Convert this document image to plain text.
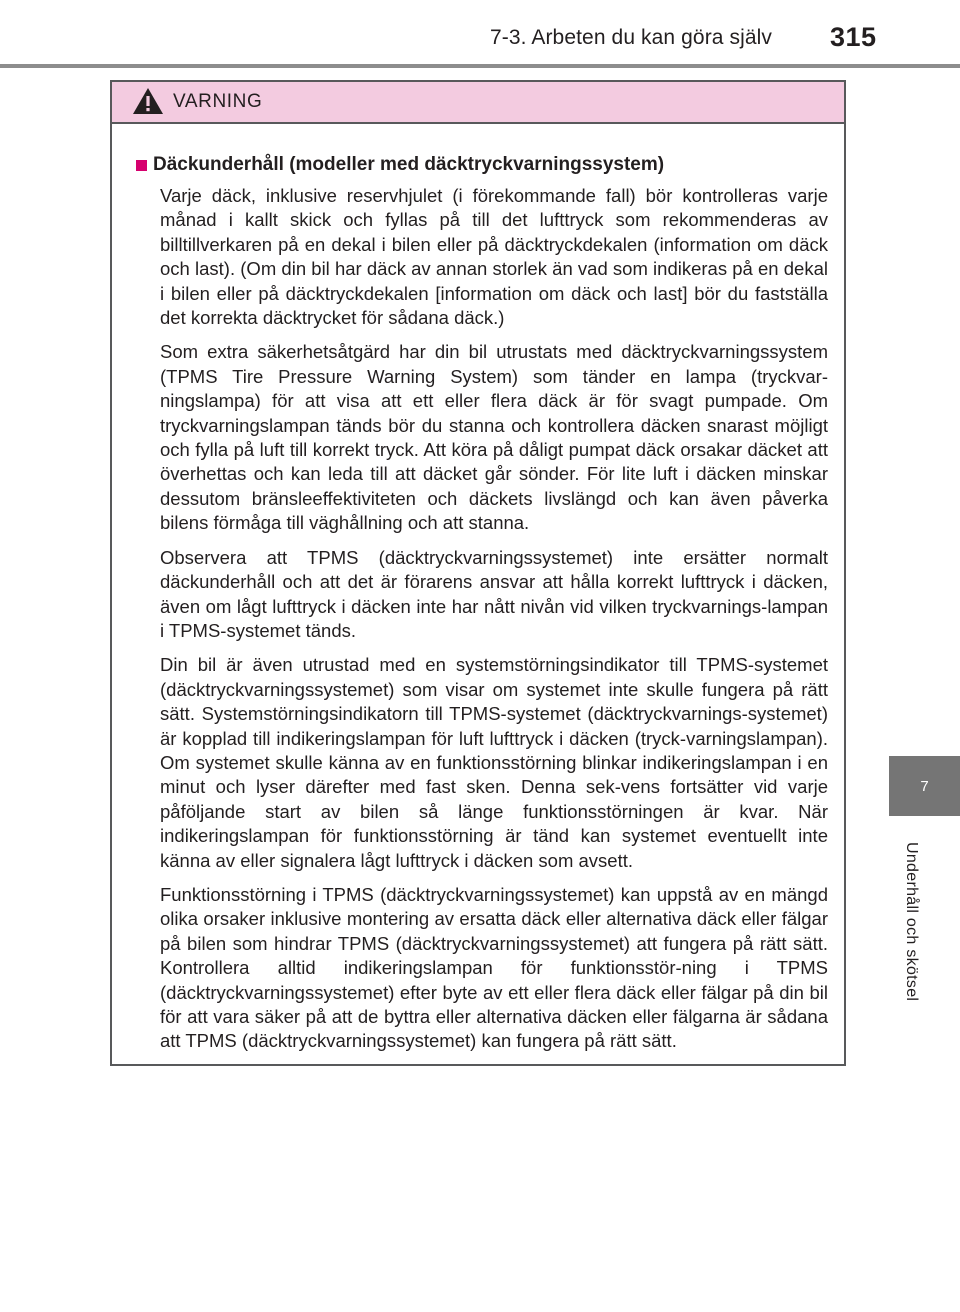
7-3. Arbeten du kan göra själv 315
7
Underhåll och skötsel
VARNING
Däckunderhåll (modeller med däcktryckvarningssystem)

Varje däck, inklusive reservhjulet (i förekommande fall) bör kontrolleras varje månad i kallt skick och fyllas på till det lufttryck som rekommenderas av billtillverkaren på en dekal i bilen eller på däcktryckdekalen (information om däck och last). (Om din bil har däck av annan storlek än vad som indikeras på en dekal i bilen eller på däcktryckdekalen [information om däck och last] bör du fastställa det korrekta däcktrycket för sådana däck.)

Som extra säkerhetsåtgärd har din bil utrustats med däcktryckvarningssystem (TPMS Tire Pressure Warning System) som tänder en lampa (tryckvar-ningslampa) för att visa att ett eller flera däck är för svagt pumpade. Om tryckvarningslampan tänds bör du stanna och kontrollera däcken snarast möjligt och fylla på luft till korrekt tryck. Att köra på dåligt pumpat däck orsakar däcket att överhettas och kan leda till att däcket går sönder. För lite luft i däcken minskar dessutom bränsleeffektiviteten och däckets livslängd och kan även påverka bilens förmåga till väghållning och att stanna.

Observera att TPMS (däcktryckvarningssystemet) inte ersätter normalt däckunderhåll och att det är förarens ansvar att hålla korrekt lufttryck i däcken, även om lågt lufttryck i däcken inte har nått nivån vid vilken tryckvarnings-lampan i TPMS-systemet tänds.

Din bil är även utrustad med en systemstörningsindikator till TPMS-systemet (däcktryckvarningssystemet) som visar om systemet inte skulle fungera på rätt sätt. Systemstörningsindikatorn till TPMS-systemet (däcktryckvarnings-systemet) är kopplad till indikeringslampan för luft lufttryck i däcken (tryck-varningslampan). Om systemet skulle känna av en funktionsstörning blinkar indikeringslampan i en minut och lyser därefter med fast sken. Denna sek-vens fortsätter vid varje påföljande start av bilen så länge funktionsstörningen är kvar. När indikeringslampan för funktionsstörning är tänd kan systemet eventuellt inte känna av eller signalera lågt lufttryck i däcken som avsett.

Funktionsstörning i TPMS (däcktryckvarningssystemet) kan uppstå av en mängd olika orsaker inklusive montering av ersatta däck eller alternativa däck eller fälgar på bilen som hindrar TPMS (däcktryckvarningssystemet) att fungera på rätt sätt. Kontrollera alltid indikeringslampan för funktionsstör-ning i TPMS (däcktryckvarningssystemet) efter byte av ett eller flera däck eller fälgar på din bil för att vara säker på att de byttra eller alternativa däcken eller fälgarna är sådana att TPMS (däcktryckvarningssystemet) kan fungera på rätt sätt.
